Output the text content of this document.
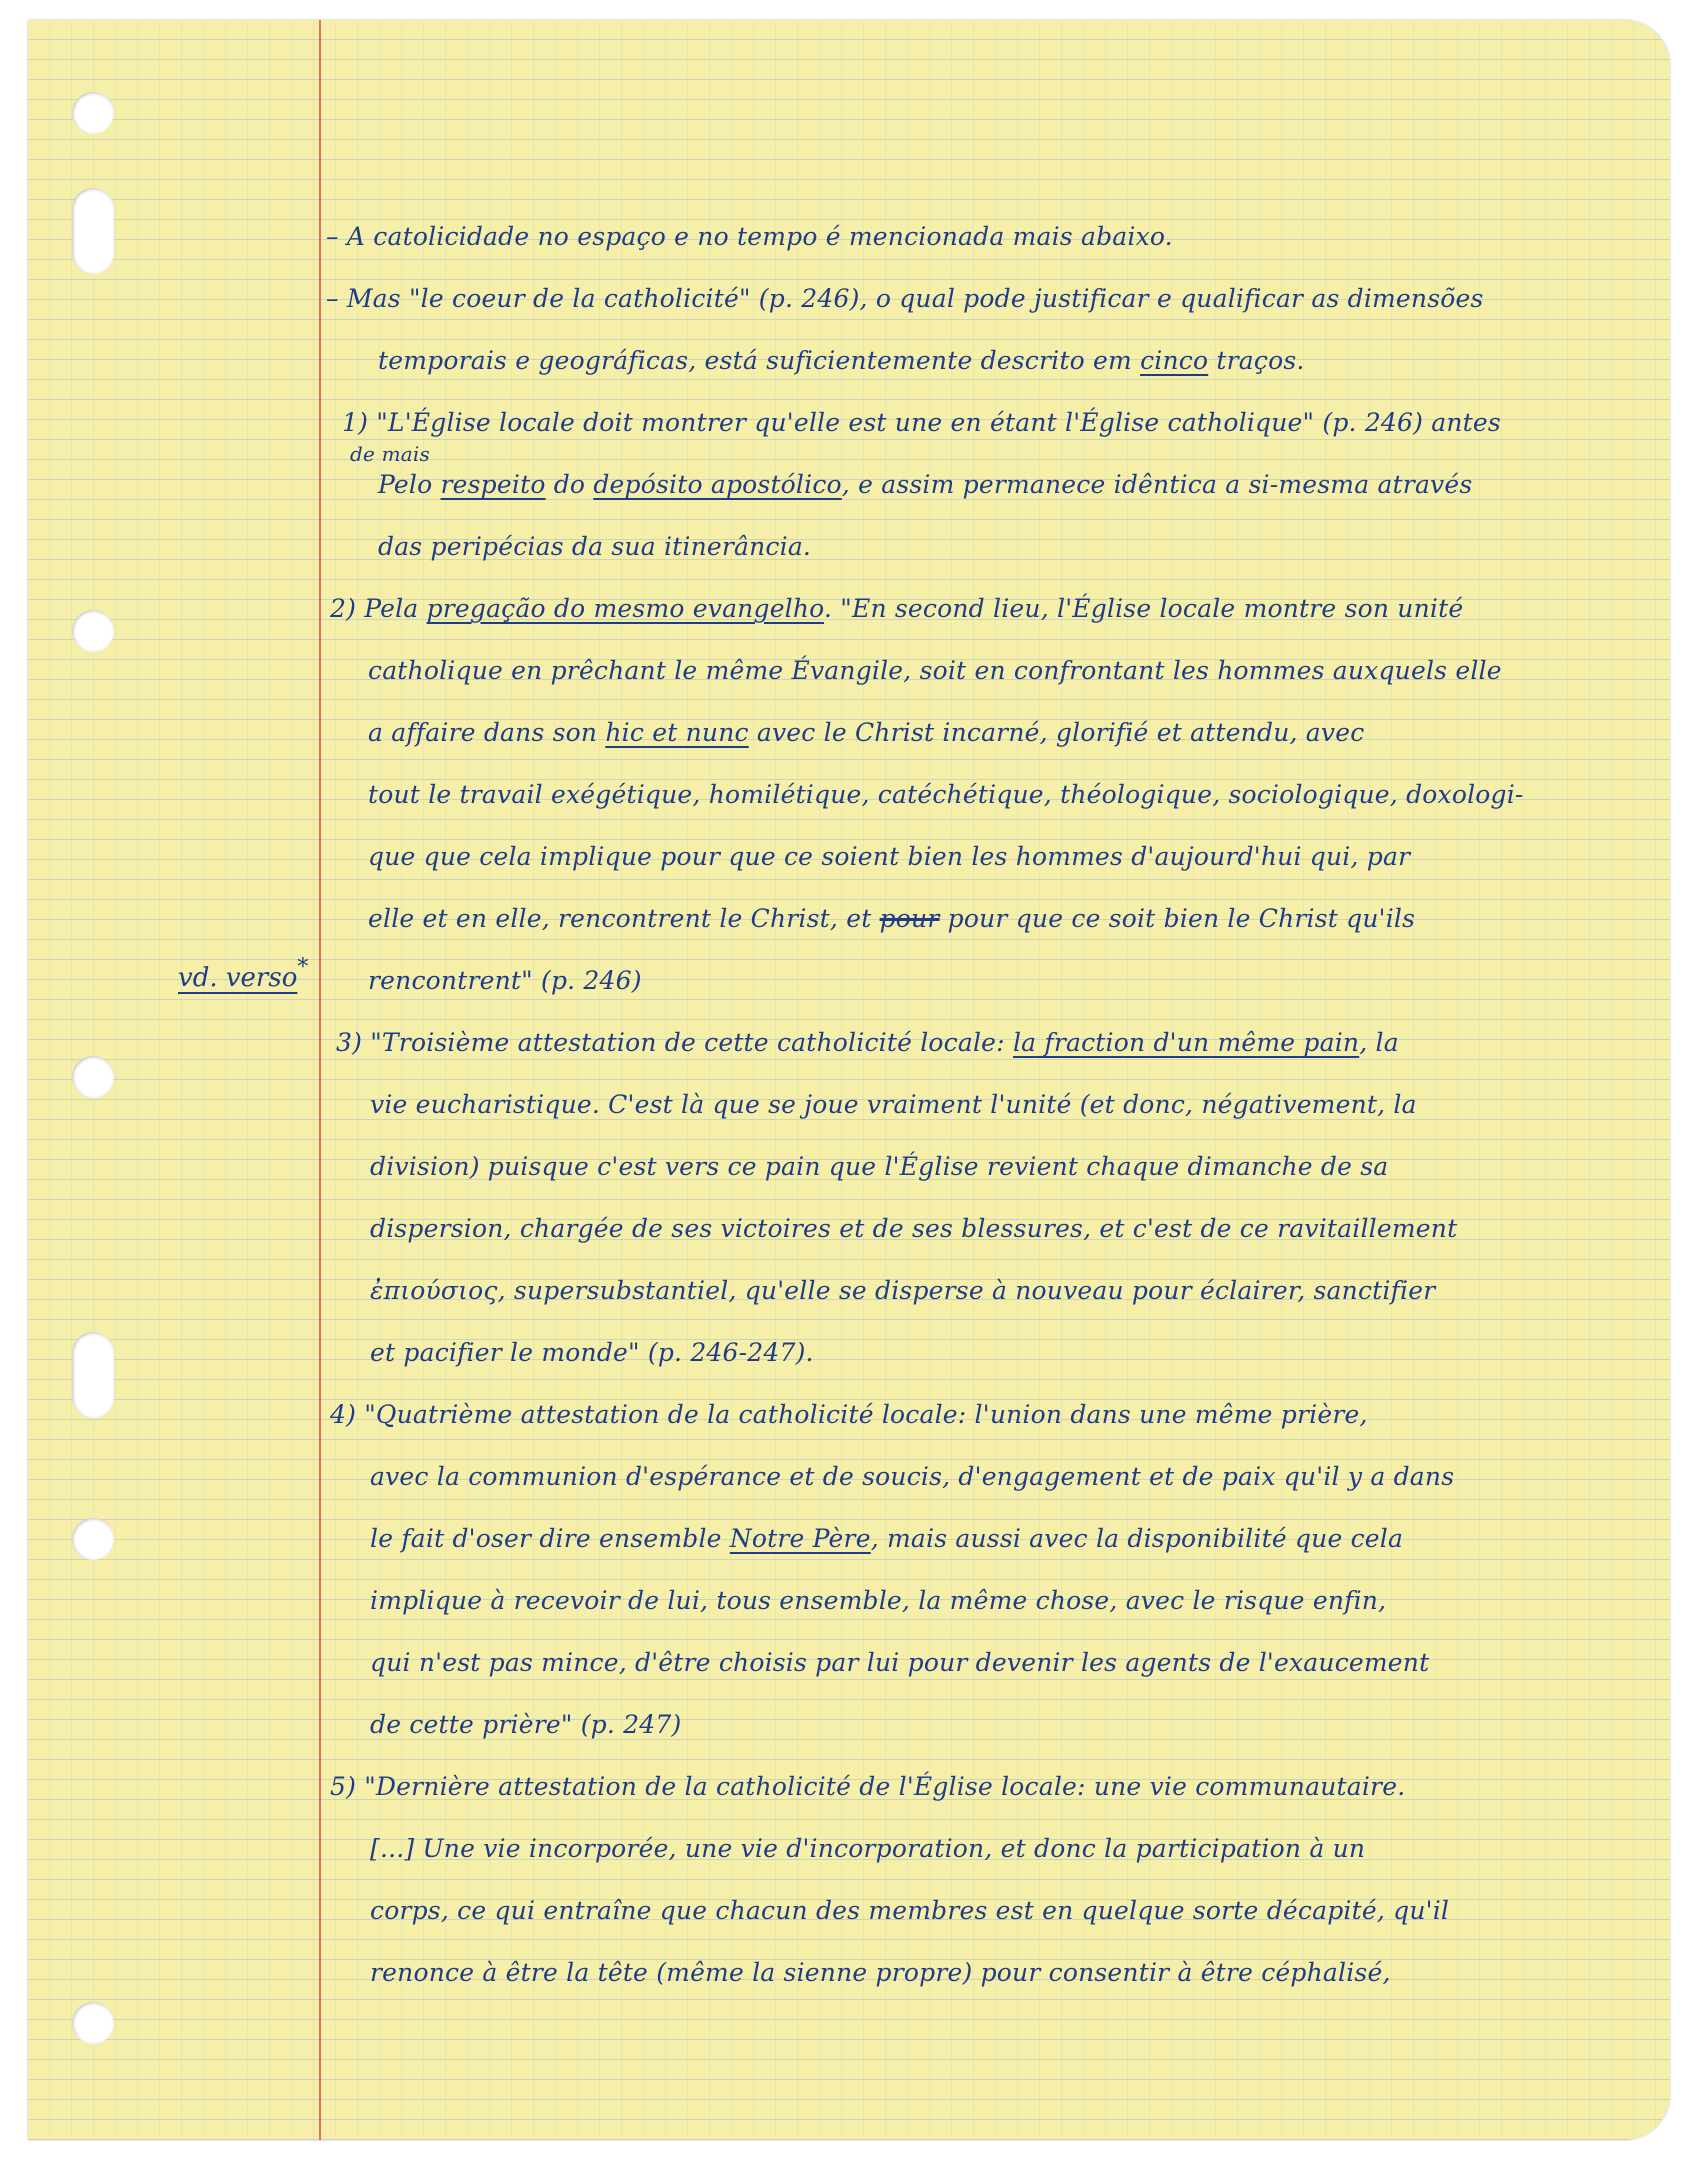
vd. verso*

– A catolicidade no espaço e no tempo é mencionada mais abaixo.

– Mas "le coeur de la catholicité" (p. 246), o qual pode justificar e qualificar as dimensões

temporais e geográficas, está suficientemente descrito em cinco traços.

1) "L'Église locale doit montrer qu'elle est une en étant l'Église catholique" (p. 246) antes

de mais

Pelo respeito do depósito apostólico, e assim permanece idêntica a si-mesma através

das peripécias da sua itinerância.

2) Pela pregação do mesmo evangelho. "En second lieu, l'Église locale montre son unité

catholique en prêchant le même Évangile, soit en confrontant les hommes auxquels elle

a affaire dans son hic et nunc avec le Christ incarné, glorifié et attendu, avec

tout le travail exégétique, homilétique, catéchétique, théologique, sociologique, doxologi-

que que cela implique pour que ce soient bien les hommes d'aujourd'hui qui, par

elle et en elle, rencontrent le Christ, et pour pour que ce soit bien le Christ qu'ils

rencontrent" (p. 246)

3) "Troisième attestation de cette catholicité locale: la fraction d'un même pain, la

vie eucharistique. C'est là que se joue vraiment l'unité (et donc, négativement, la

division) puisque c'est vers ce pain que l'Église revient chaque dimanche de sa

dispersion, chargée de ses victoires et de ses blessures, et c'est de ce ravitaillement

ἐπιούσιος, supersubstantiel, qu'elle se disperse à nouveau pour éclairer, sanctifier

et pacifier le monde" (p. 246-247).

4) "Quatrième attestation de la catholicité locale: l'union dans une même prière,

avec la communion d'espérance et de soucis, d'engagement et de paix qu'il y a dans

le fait d'oser dire ensemble Notre Père, mais aussi avec la disponibilité que cela

implique à recevoir de lui, tous ensemble, la même chose, avec le risque enfin,

qui n'est pas mince, d'être choisis par lui pour devenir les agents de l'exaucement

de cette prière" (p. 247)

5) "Dernière attestation de la catholicité de l'Église locale: une vie communautaire.

[...] Une vie incorporée, une vie d'incorporation, et donc la participation à un

corps, ce qui entraîne que chacun des membres est en quelque sorte décapité, qu'il

renonce à être la tête (même la sienne propre) pour consentir à être céphalisé,
